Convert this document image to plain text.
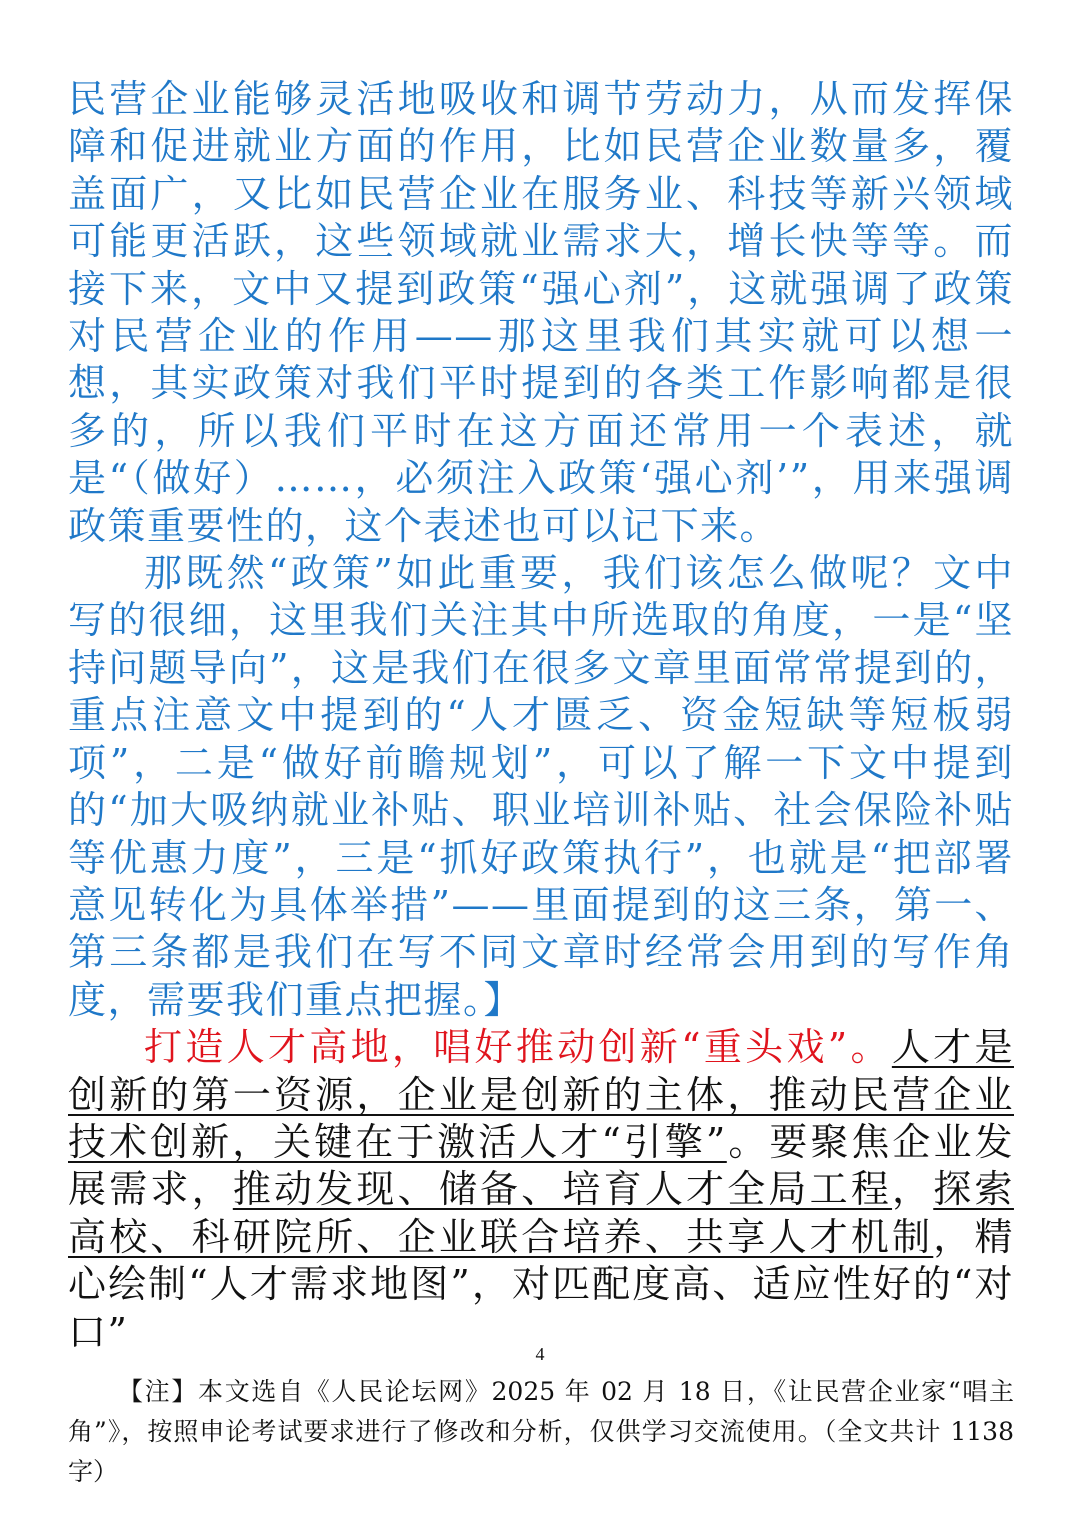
民营企业能够灵活地吸收和调节劳动力，从而发挥保障和促进就业方面的作用，比如民营企业数量多，覆盖面广，又比如民营企业在服务业、科技等新兴领域可能更活跃，这些领域就业需求大，增长快等等。而接下来，文中又提到政策“强心剂”，这就强调了政策对民营企业的作用——那这里我们其实就可以想一想，其实政策对我们平时提到的各类工作影响都是很多的，所以我们平时在这方面还常用一个表述，就是“（做好）……，必须注入政策‘强心剂’”，用来强调政策重要性的，这个表述也可以记下来。

那既然“政策”如此重要，我们该怎么做呢？文中写的很细，这里我们关注其中所选取的角度，一是“坚持问题导向”，这是我们在很多文章里面常常提到的，重点注意文中提到的“人才匮乏、资金短缺等短板弱项”，二是“做好前瞻规划”，可以了解一下文中提到的“加大吸纳就业补贴、职业培训补贴、社会保险补贴等优惠力度”，三是“抓好政策执行”，也就是“把部署意见转化为具体举措”——里面提到的这三条，第一、第三条都是我们在写不同文章时经常会用到的写作角度，需要我们重点把握。】

打造人才高地，唱好推动创新“重头戏”。人才是创新的第一资源，企业是创新的主体，推动民营企业技术创新，关键在于激活人才“引擎”。要聚焦企业发展需求，推动发现、储备、培育人才全局工程，探索高校、科研院所、企业联合培养、共享人才机制，精心绘制“人才需求地图”，对匹配度高、适应性好的“对口”

4
【注】本文选自《人民论坛网》2025 年 02 月 18 日，《让民营企业家“唱主角”》，按照申论考试要求进行了修改和分析，仅供学习交流使用。（全文共计 1138 字）
